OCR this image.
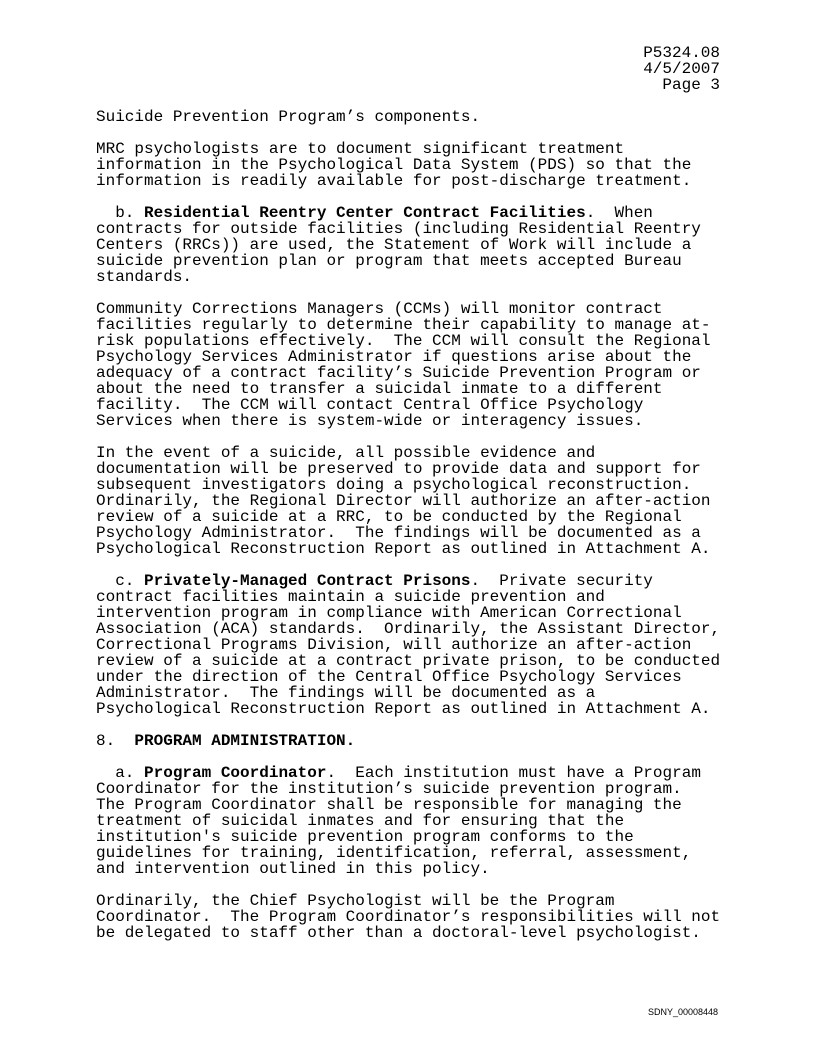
P5324.08
4/5/2007
Page 3
Suicide Prevention Program’s components.
MRC psychologists are to document significant treatment
information in the Psychological Data System (PDS) so that the
information is readily available for post-discharge treatment.
b. Residential Reentry Center Contract Facilities.  When
contracts for outside facilities (including Residential Reentry
Centers (RRCs)) are used, the Statement of Work will include a
suicide prevention plan or program that meets accepted Bureau
standards.
Community Corrections Managers (CCMs) will monitor contract
facilities regularly to determine their capability to manage at-
risk populations effectively.  The CCM will consult the Regional
Psychology Services Administrator if questions arise about the
adequacy of a contract facility’s Suicide Prevention Program or
about the need to transfer a suicidal inmate to a different
facility.  The CCM will contact Central Office Psychology
Services when there is system-wide or interagency issues.
In the event of a suicide, all possible evidence and
documentation will be preserved to provide data and support for
subsequent investigators doing a psychological reconstruction.
Ordinarily, the Regional Director will authorize an after-action
review of a suicide at a RRC, to be conducted by the Regional
Psychology Administrator.  The findings will be documented as a
Psychological Reconstruction Report as outlined in Attachment A.
c. Privately-Managed Contract Prisons.  Private security
contract facilities maintain a suicide prevention and
intervention program in compliance with American Correctional
Association (ACA) standards.  Ordinarily, the Assistant Director,
Correctional Programs Division, will authorize an after-action
review of a suicide at a contract private prison, to be conducted
under the direction of the Central Office Psychology Services
Administrator.  The findings will be documented as a
Psychological Reconstruction Report as outlined in Attachment A.
8.  PROGRAM ADMINISTRATION.
a. Program Coordinator.  Each institution must have a Program
Coordinator for the institution’s suicide prevention program.
The Program Coordinator shall be responsible for managing the
treatment of suicidal inmates and for ensuring that the
institution's suicide prevention program conforms to the
guidelines for training, identification, referral, assessment,
and intervention outlined in this policy.
Ordinarily, the Chief Psychologist will be the Program
Coordinator.  The Program Coordinator’s responsibilities will not
be delegated to staff other than a doctoral-level psychologist.
SDNY_00008448
